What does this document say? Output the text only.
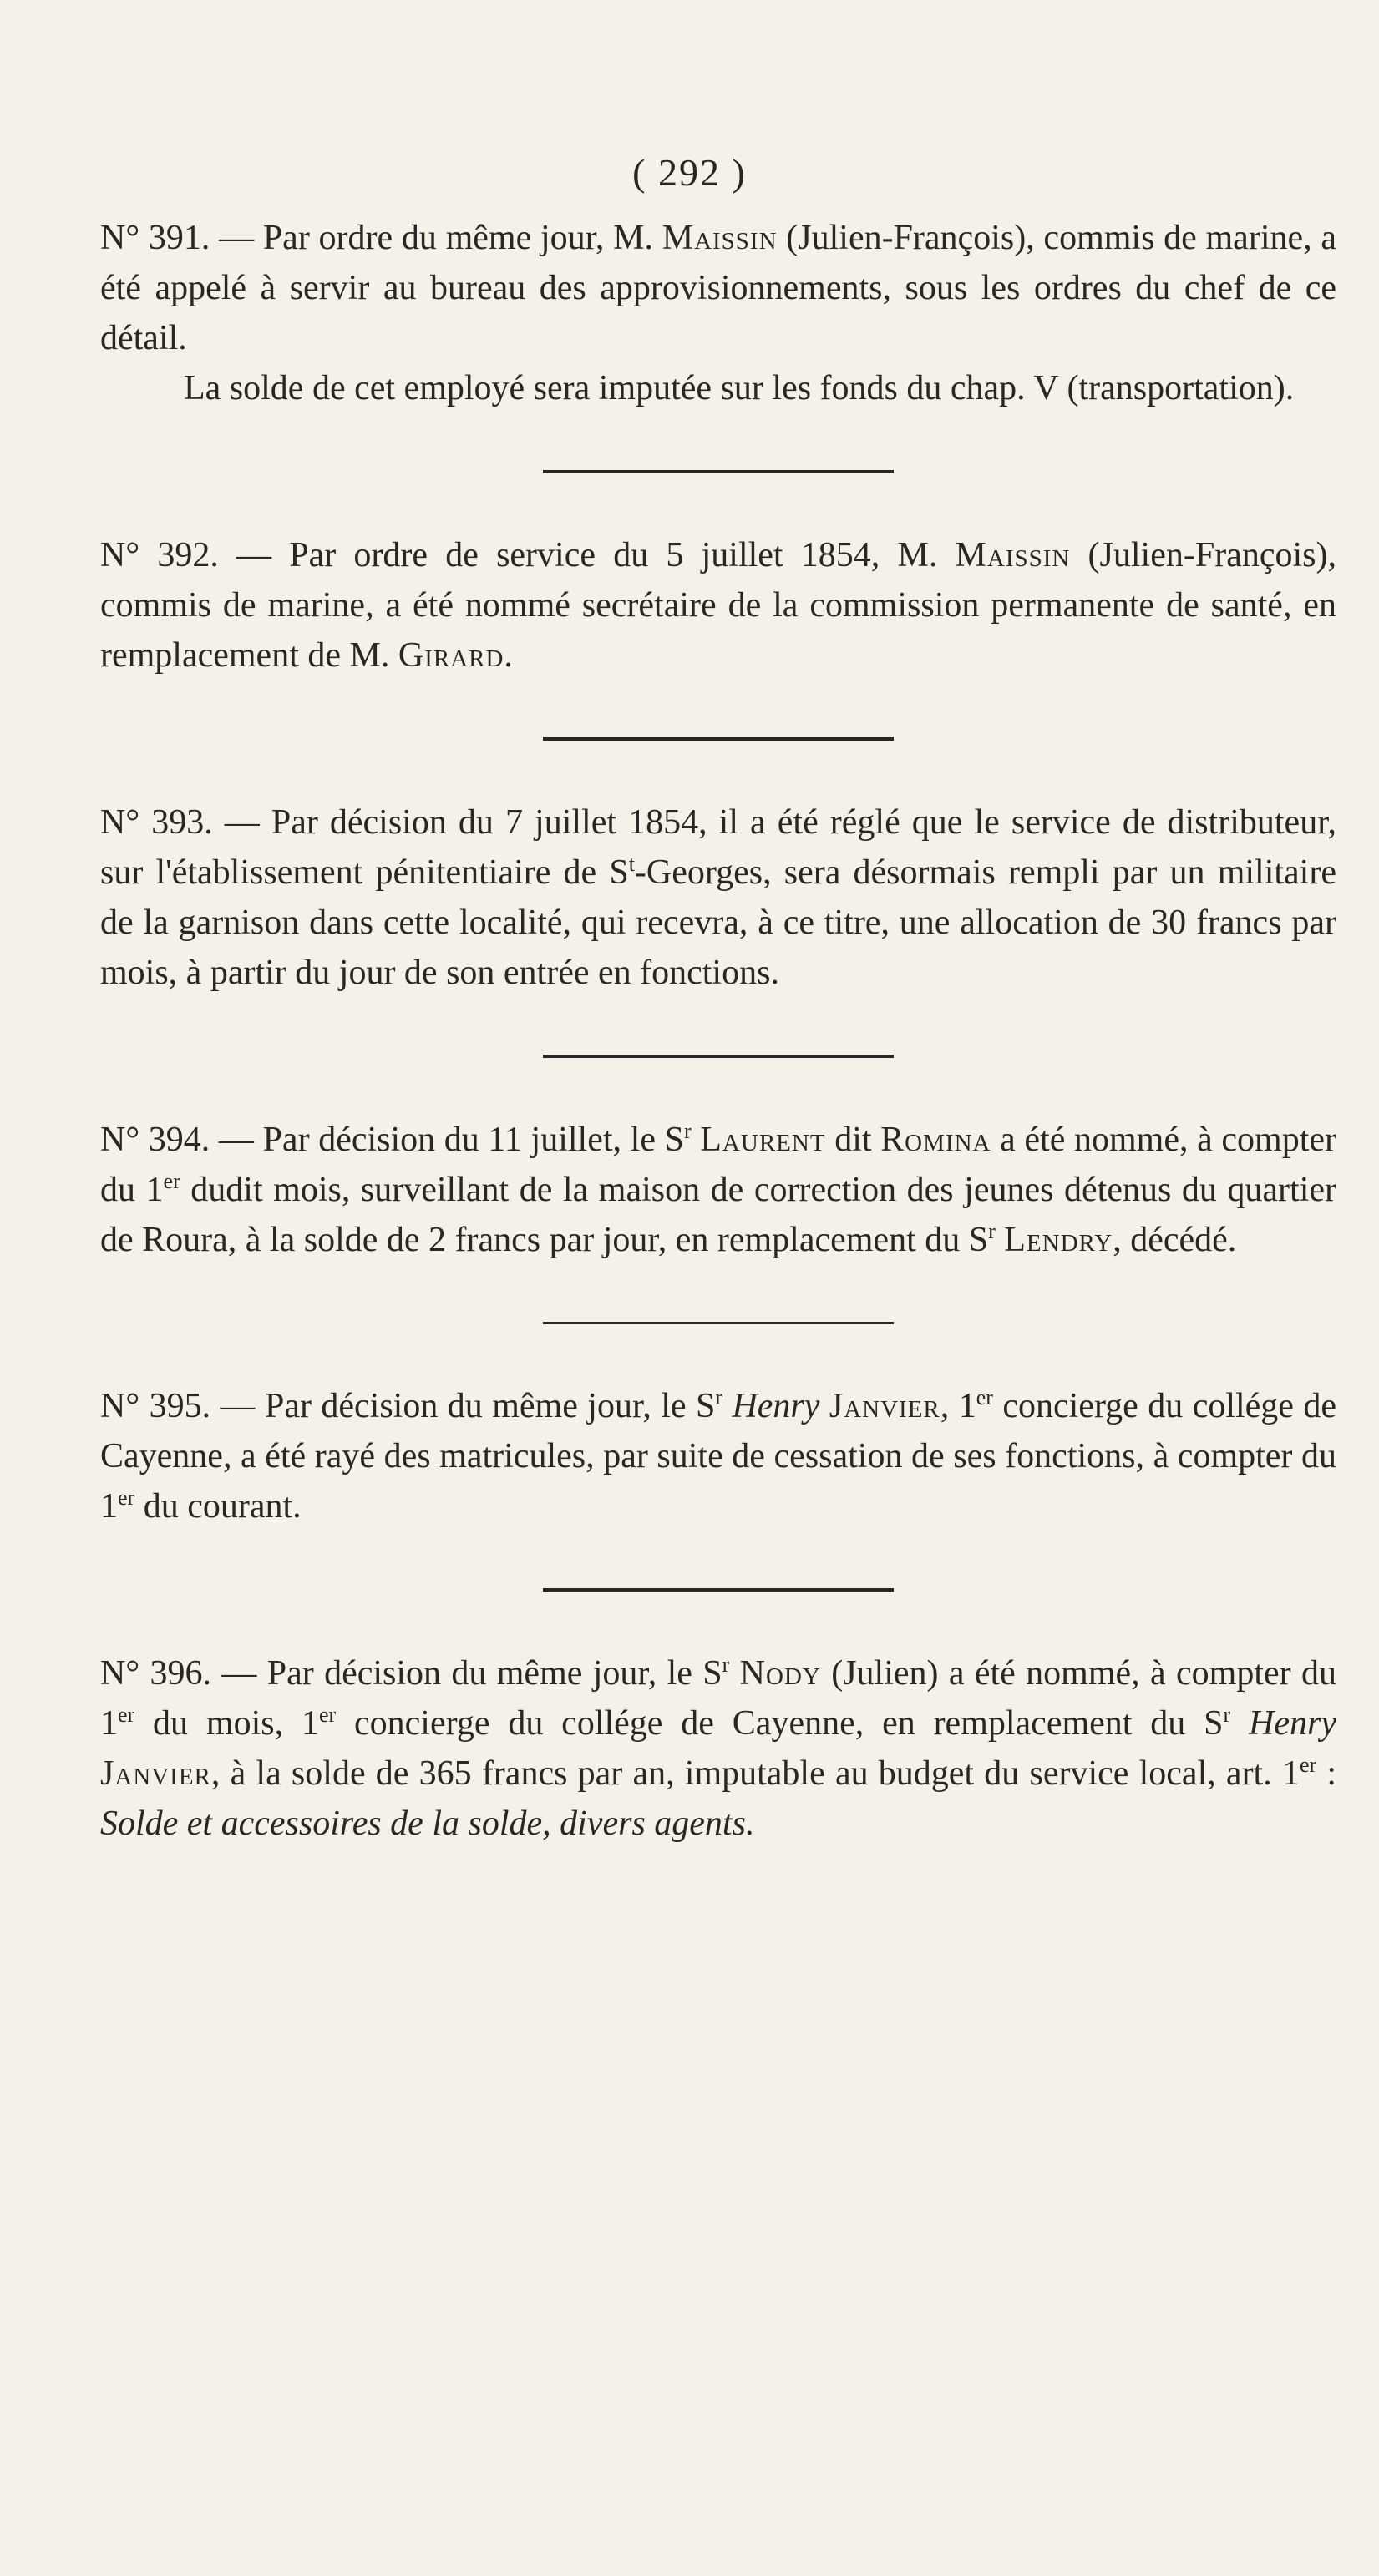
( 292 )

N° 391. — Par ordre du même jour, M. Maissin (Julien-François), commis de marine, a été appelé à servir au bureau des approvisionnements, sous les ordres du chef de ce détail.

La solde de cet employé sera imputée sur les fonds du chap. V (transportation).

N° 392. — Par ordre de service du 5 juillet 1854, M. Maissin (Julien-François), commis de marine, a été nommé secrétaire de la commission permanente de santé, en remplacement de M. Girard.

N° 393. — Par décision du 7 juillet 1854, il a été réglé que le service de distributeur, sur l'établissement pénitentiaire de $S^t$-Georges, sera désormais rempli par un militaire de la garnison dans cette localité, qui recevra, à ce titre, une allocation de 30 francs par mois, à partir du jour de son entrée en fonctions.

N° 394. — Par décision du 11 juillet, le $S^r$ Laurent dit Romina a été nommé, à compter du 1er dudit mois, surveillant de la maison de correction des jeunes détenus du quartier de Roura, à la solde de 2 francs par jour, en remplacement du $S^r$ Lendry, décédé.

N° 395. — Par décision du même jour, le $S^r$ Henry Janvier, 1er concierge du collége de Cayenne, a été rayé des matricules, par suite de cessation de ses fonctions, à compter du 1er du courant.

N° 396. — Par décision du même jour, le $S^r$ Nody (Julien) a été nommé, à compter du 1er du mois, 1er concierge du collége de Cayenne, en remplacement du $S^r$ Henry Janvier, à la solde de 365 francs par an, imputable au budget du service local, art. 1er : Solde et accessoires de la solde, divers agents.
